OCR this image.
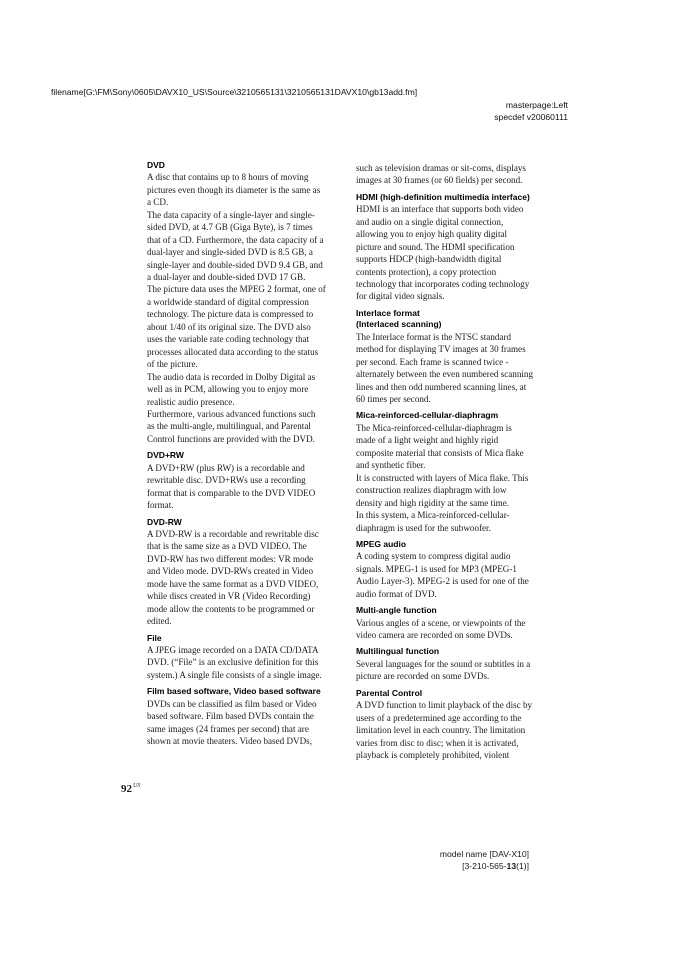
filename[G:\FM\Sony\0605\DAVX10_US\Source\3210565131\3210565131DAVX10\gb13add.fm]
masterpage:Left
specdef v20060111
DVD
A disc that contains up to 8 hours of moving
pictures even though its diameter is the same as
a CD.
The data capacity of a single-layer and single-
sided DVD, at 4.7 GB (Giga Byte), is 7 times
that of a CD. Furthermore, the data capacity of a
dual-layer and single-sided DVD is 8.5 GB, a
single-layer and double-sided DVD 9.4 GB, and
a dual-layer and double-sided DVD 17 GB.
The picture data uses the MPEG 2 format, one of
a worldwide standard of digital compression
technology. The picture data is compressed to
about 1/40 of its original size. The DVD also
uses the variable rate coding technology that
processes allocated data according to the status
of the picture.
The audio data is recorded in Dolby Digital as
well as in PCM, allowing you to enjoy more
realistic audio presence.
Furthermore, various advanced functions such
as the multi-angle, multilingual, and Parental
Control functions are provided with the DVD.
DVD+RW
A DVD+RW (plus RW) is a recordable and
rewritable disc. DVD+RWs use a recording
format that is comparable to the DVD VIDEO
format.
DVD-RW
A DVD-RW is a recordable and rewritable disc
that is the same size as a DVD VIDEO. The
DVD-RW has two different modes: VR mode
and Video mode. DVD-RWs created in Video
mode have the same format as a DVD VIDEO,
while discs created in VR (Video Recording)
mode allow the contents to be programmed or
edited.
File
A JPEG image recorded on a DATA CD/DATA
DVD. (“File” is an exclusive definition for this
system.) A single file consists of a single image.
Film based software, Video based software
DVDs can be classified as film based or Video
based software. Film based DVDs contain the
same images (24 frames per second) that are
shown at movie theaters. Video based DVDs,
such as television dramas or sit-coms, displays
images at 30 frames (or 60 fields) per second.
HDMI (high-definition multimedia interface)
HDMI is an interface that supports both video
and audio on a single digital connection,
allowing you to enjoy high quality digital
picture and sound. The HDMI specification
supports HDCP (high-bandwidth digital
contents protection), a copy protection
technology that incorporates coding technology
for digital video signals.
Interlace format
(Interlaced scanning)
The Interlace format is the NTSC standard
method for displaying TV images at 30 frames
per second. Each frame is scanned twice -
alternately between the even numbered scanning
lines and then odd numbered scanning lines, at
60 times per second.
Mica-reinforced-cellular-diaphragm
The Mica-reinforced-cellular-diaphragm is
made of a light weight and highly rigid
composite material that consists of Mica flake
and synthetic fiber.
It is constructed with layers of Mica flake. This
construction realizes diaphragm with low
density and high rigidity at the same time.
In this system, a Mica-reinforced-cellular-
diaphragm is used for the subwoofer.
MPEG audio
A coding system to compress digital audio
signals. MPEG-1 is used for MP3 (MPEG-1
Audio Layer-3). MPEG-2 is used for one of the
audio format of DVD.
Multi-angle function
Various angles of a scene, or viewpoints of the
video camera are recorded on some DVDs.
Multilingual function
Several languages for the sound or subtitles in a
picture are recorded on some DVDs.
Parental Control
A DVD function to limit playback of the disc by
users of a predetermined age according to the
limitation level in each country. The limitation
varies from disc to disc; when it is activated,
playback is completely prohibited, violent
$92^{US}$
model name [DAV-X10]
[3-210-565-13(1)]
